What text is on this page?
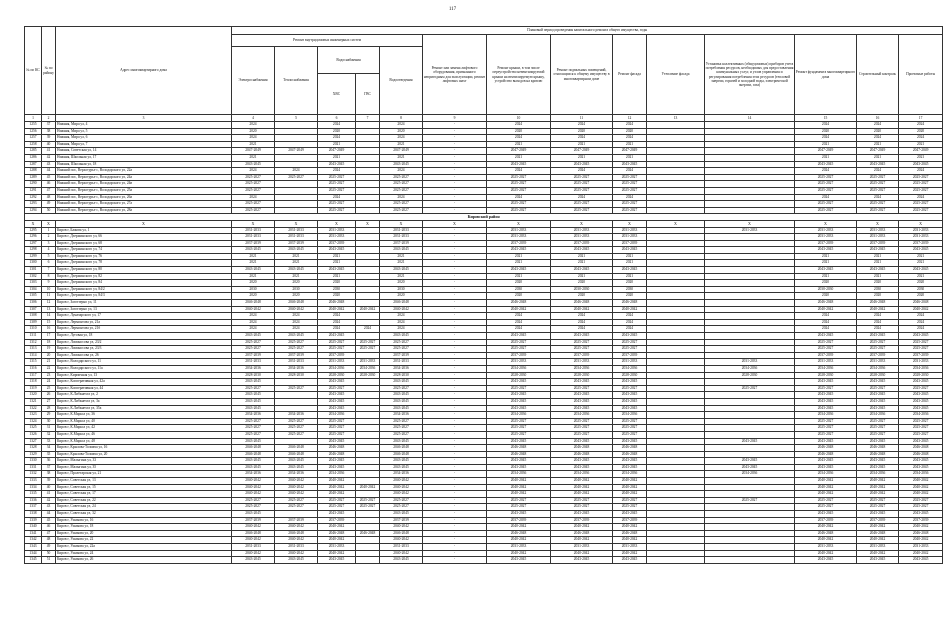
117
№ по КС	№ по району	Адрес многоквартирного дома	Плановый период проведения капитального ремонта общего имущества, годы													
			Ремонт внутридомовых инженерных систем					Ремонт или замена лифтового оборудования, признанного непригодным для эксплуатации, ремонт лифтовых шахт	Ремонт крыши, в том числе переустройство невентилируемой крыши на вентилируемую крышу, устройство выходов на кровлю	Ремонт подвальных помещений, относящихся к общему имуществу в многоквартирном доме	Ремонт фасада	Утепление фасада	Установка коллективных (общедомовых) приборов учета потребления ресурсов, необходимых для предоставления коммунальных услуг, и узлов управления и регулирования потребления этих ресурсов (тепловой энергии, горячей и холодной воды, электрической энергии, газа)	Ремонт фундамента многоквартирного дома	Строительный контроль	Проектные работы
			Электроснабжения	Теплоснабжения	Водоснабжения		Водоотведения									
					ХВС	ГВС										
1	2	3	4	5	6	7	8	9	10	11	12	13	14	15	16	17
1255	37	Нижняя, Мира ул, 4	2024		2024		2024	-	2024	2024	2024			2024	2024	2024
1256	38	Нижняя, Мира ул, 5	2020		2020		2020	-	2020	2020	2020			2020	2020	2020
1257	39	Нижняя, Мира ул, 6	2024		2024		2024	-	2024	2024	2024			2024	2024	2024
1258	40	Нижняя, Мира ул, 7	2021		2021		2021	-	2021	2021	2021			2021	2021	2021
1285	41	Нижняя, Советская ул, 14	2047-2049	2047-2049	2047-2049		2047-2049	-	2047-2049	2047-2049	2047-2049			2047-2049	2047-2049	2047-2049
1286	42	Нижняя, Школьная ул, 17	2021		2021		2021	-	2021	2021	2021			2021	2021	2021
1287	43	Нижняя, Школьная ул, 18	2043-2045		2043-2045		2043-2045	-	2043-2045	2043-2045	2043-2045			2043-2045	2043-2045	2043-2045
1288	44	Нижний пос, Верхотурье с, Володарского ул, 22а	2024	2024	2024		2024	-	2024	2024	2024			2024	2024	2024
1289	45	Нижний пос, Верхотурье с, Володарского ул, 24а	2025-2027	2025-2027	2025-2027		2025-2027	-	2025-2027	2025-2027	2025-2027			2025-2027	2025-2027	2025-2027
1290	46	Нижний пос, Верхотурье с, Володарского ул, 24в	2025-2027		2025-2027		2025-2027	-	2025-2027	2025-2027	2025-2027			2025-2027	2025-2027	2025-2027
1291	47	Нижний пос, Верхотурье с, Володарского ул, 25а	2025-2027		2025-2027		2025-2027	-	2025-2027	2025-2027	2025-2027			2025-2027	2025-2027	2025-2027
1292	48	Нижний пос, Верхотурье с, Володарского ул, 26а	2024		2024		2024	-	2024	2024	2024			2024	2024	2024
1293	49	Нижний пос, Верхотурье с, Володарского ул, 27а	2025-2027		2025-2027		2025-2027	-	2025-2027	2025-2027	2025-2027			2025-2027	2025-2027	2025-2027
1294	50	Нижний пос, Верхотурье с, Володарского ул, 28а	2025-2027		2025-2027		2025-2027	-	2025-2027	2025-2027	2025-2027			2025-2027	2025-2027	2025-2027
Кировский район																
X	X	X	X	X	X	X	X	X	X	X	X	X	X	X	X	X
1295	1	Киров г, Бажова ул, 1	2031-2033	2031-2033	2031-2033		2031-2033	-	2031-2033	2031-2033	2031-2033		2031-2033	2031-2033	2031-2033	2031-2033
1296	2	Киров г, Дзержинского ул, 66	2031-2033	2031-2033	2031-2033		2031-2033	-	2031-2033	2031-2033	2031-2033			2031-2033	2031-2033	2031-2033
1297	3	Киров г, Дзержинского ул, 68	2037-2039	2037-2039	2037-2039		2037-2039	-	2037-2039	2037-2039	2037-2039			2037-2039	2037-2039	2037-2039
1298	4	Киров г, Дзержинского ул, 74	2043-2045	2043-2045	2043-2045		2043-2045	-	2043-2045	2043-2045	2043-2045			2043-2045	2043-2045	2043-2045
1299	5	Киров г, Дзержинского ул, 76	2021	2021	2021		2021	-	2021	2021	2021			2021	2021	2021
1300	6	Киров г, Дзержинского ул, 78	2021	2021	2021		2021	-	2021	2021	2021			2021	2021	2021
1301	7	Киров г, Дзержинского ул, 80	2043-2045	2043-2045	2043-2045		2043-2045	-	2043-2045	2043-2045	2043-2045			2043-2045	2043-2045	2043-2045
1302	8	Киров г, Дзержинского ул, 82	2021	2021	2021		2021	-	2021	2021	2021			2021	2021	2021
1303	9	Киров г, Дзержинского ул, 84	2020	2020	2020		2020	-	2020	2020	2020			2020	2020	2020
1304	10	Киров г, Дзержинского ул, 84/2	2030	2030	2030		2030	-	2030	2030-2030	2030			2030-2030	2030	2030
1305	11	Киров г, Дзержинского ул, 84/3	2020	2020	2020		2020	-	2020	2020	2020			2020	2020	2020
1306	12	Киров г, Заготзерно ул, 11	2046-2048	2046-2048	2046-2048		2046-2048	-	2046-2048	2046-2048	2046-2048			2046-2048	2046-2048	2046-2048
1307	13	Киров г, Заготзерно ул, 13	2040-2042	2040-2042	2040-2042	2040-2042	2040-2042	-	2040-2042	2040-2042	2040-2042			2040-2042	2040-2042	2040-2042
1308	14	Киров г, Луначарского ул, 17	2024	2024	2024		2024	-	2024	2024	2024			2024	2024	2024
1309	15	Киров г, Лермонтова ул, 21а	2024	2024	2024		2024	-	2024	2024	2024			2024	2024	2024
1310	16	Киров г, Лермонтова ул, 21б	2024	2024	2024	2024	2024	-	2024	2024	2024			2024	2024	2024
1311	17	Киров г, Луговая ул, 18	2043-2045	2043-2045	2043-2045		2043-2045	-	2043-2045	2043-2045	2043-2045			2043-2045	2043-2045	2043-2045
1312	18	Киров г, Ломоносова ул, 23/2	2025-2027	2025-2027	2025-2027	2025-2027	2025-2027	-	2025-2027	2025-2027	2025-2027			2025-2027	2025-2027	2025-2027
1313	19	Киров г, Ломоносова ул, 23/3	2025-2027	2025-2027	2025-2027	2025-2027	2025-2027	-	2025-2027	2025-2027	2025-2027			2025-2027	2025-2027	2025-2027
1314	20	Киров г, Ломоносова ул, 26	2037-2039	2037-2039	2037-2039		2037-2039	-	2037-2039	2037-2039	2037-2039			2037-2039	2037-2039	2037-2039
1315	21	Киров г, Володарского ул, 11	2031-2033	2031-2033	2031-2033	2031-2033	2031-2033	-	2031-2033	2031-2033	2031-2033		2031-2033	2031-2033	2031-2033	2031-2033
1316	22	Киров г, Володарского ул, 11а	2034-2036	2034-2036	2034-2036	2034-2036	2034-2036	-	2034-2036	2034-2036	2034-2036		2034-2036	2034-2036	2034-2036	2034-2036
1317	23	Киров г, Кирпичная ул, 13	2028-2030	2028-2030	2028-2030	2028-2030	2028-2030	-	2028-2030	2028-2030	2028-2030		2028-2030	2028-2030	2028-2030	2028-2030
1318	24	Киров г, Кооперативная ул, 42а	2043-2045		2043-2045		2043-2045	-	2043-2045	2043-2045	2043-2045			2043-2045	2043-2045	2043-2045
1319	25	Киров г, Кооперативная ул, 44	2025-2027	2025-2027	2025-2027		2025-2027	-	2025-2027	2025-2027	2025-2027		2025-2027	2025-2027	2025-2027	2025-2027
1320	26	Киров г, К.Либкнехта ул, 2	2043-2045		2043-2045		2043-2045	-	2043-2045	2043-2045	2043-2045			2043-2045	2043-2045	2043-2045
1321	27	Киров г, К.Либкнехта ул, 3а	2043-2045		2043-2045		2043-2045	-	2043-2045	2043-2045	2043-2045			2043-2045	2043-2045	2043-2045
1322	28	Киров г, К.Либкнехта ул, 35а	2043-2045		2043-2045		2043-2045	-	2043-2045	2043-2045	2043-2045			2043-2045	2043-2045	2043-2045
1323	29	Киров г, К.Маркса ул, 36	2034-2036	2034-2036	2034-2036		2034-2036	-	2034-2036	2034-2036	2034-2036			2034-2036	2034-2036	2034-2036
1324	30	Киров г, К.Маркса ул, 40	2025-2027	2025-2027	2025-2027		2025-2027	-	2025-2027	2025-2027	2025-2027			2025-2027	2025-2027	2025-2027
1325	31	Киров г, К.Маркса ул, 42	2025-2027	2025-2027	2025-2027		2025-2027	-	2025-2027	2025-2027	2025-2027			2025-2027	2025-2027	2025-2027
1326	32	Киров г, К.Маркса ул, 46	2025-2027	2025-2027	2025-2027		2025-2027	-	2025-2027	2025-2027	2025-2027			2025-2027	2025-2027	2025-2027
1327	33	Киров г, К.Маркса ул, 48	2043-2045		2043-2045		2043-2045	-	2043-2045	2043-2045	2043-2045		2043-2045	2043-2045	2043-2045	2043-2045
1328	34	Киров г, Крылова-Толмача ул, 16	2046-2048	2046-2048	2046-2048		2046-2048	-	2046-2048	2046-2048	2046-2048			2046-2048	2046-2048	2046-2048
1329	35	Киров г, Крылова-Толмача ул, 20	2046-2048	2046-2048	2046-2048		2046-2048	-	2046-2048	2046-2048	2046-2048			2046-2048	2046-2048	2046-2048
1330	36	Киров г, Малыгина ул, 33	2043-2045	2043-2045	2043-2045		2043-2045	-	2043-2045	2043-2045	2043-2045		2043-2045	2043-2045	2043-2045	2043-2045
1331	37	Киров г, Малыгина ул, 35	2043-2045	2043-2045	2043-2045		2043-2045	-	2043-2045	2043-2045	2043-2045		2043-2045	2043-2045	2043-2045	2043-2045
1332	38	Киров г, Пролетарская ул, 21	2034-2036	2034-2036	2034-2036		2034-2036	-	2034-2036	2034-2036	2034-2036		2034-2036	2034-2036	2034-2036	2034-2036
1333	39	Киров г, Советская ул, 13	2040-2042	2040-2042	2040-2042		2040-2042	-	2040-2042	2040-2042	2040-2042			2040-2042	2040-2042	2040-2042
1334	40	Киров г, Советская ул, 15	2040-2042	2040-2042	2040-2042	2040-2042	2040-2042	-	2040-2042	2040-2042	2040-2042			2040-2042	2040-2042	2040-2042
1335	41	Киров г, Советская ул, 17	2040-2042	2040-2042	2040-2042		2040-2042	-	2040-2042	2040-2042	2040-2042			2040-2042	2040-2042	2040-2042
1336	42	Киров г, Советская ул, 22	2025-2027	2025-2027	2025-2027	2025-2027	2025-2027	-	2025-2027	2025-2027	2025-2027		2025-2027	2025-2027	2025-2027	2025-2027
1337	43	Киров г, Советская ул, 24	2025-2027	2025-2027	2025-2027	2025-2027	2025-2027	-	2025-2027	2025-2027	2025-2027			2025-2027	2025-2027	2025-2027
1338	44	Киров г, Советская ул, 32	2043-2045		2043-2045		2043-2045	-	2043-2045	2043-2045	2043-2045			2043-2045	2043-2045	2043-2045
1339	45	Киров г, Ушакова ул, 16	2037-2039	2037-2039	2037-2039		2037-2039	-	2037-2039	2037-2039	2037-2039			2037-2039	2037-2039	2037-2039
1340	46	Киров г, Ушакова ул, 18	2040-2042	2040-2042	2040-2042		2040-2042	-	2040-2042	2040-2042	2040-2042			2040-2042	2040-2042	2040-2042
1341	47	Киров г, Ушакова ул, 20	2046-2048	2046-2048	2046-2048	2046-2048	2046-2048	-	2046-2048	2046-2048	2046-2048			2046-2048	2046-2048	2046-2048
1342	48	Киров г, Ушакова ул, 22	2040-2042	2040-2042	2040-2042		2040-2042	-	2040-2042	2040-2042	2040-2042			2040-2042	2040-2042	2040-2042
1343	49	Киров г, Ушакова ул, 22а	2031-2033	2031-2033	2031-2033		2031-2033	-	2031-2033	2031-2033	2031-2033			2031-2033	2031-2033	2031-2033
1344	50	Киров г, Ушакова ул, 24	2040-2042	2040-2042	2040-2042		2040-2042	-	2040-2042	2040-2042	2040-2042			2040-2042	2040-2042	2040-2042
1345	51	Киров г, Ушакова ул, 26	2043-2045	2043-2045	2043-2045		2043-2045	-	2043-2045	2043-2045	2043-2045			2043-2045	2043-2045	2043-2045
